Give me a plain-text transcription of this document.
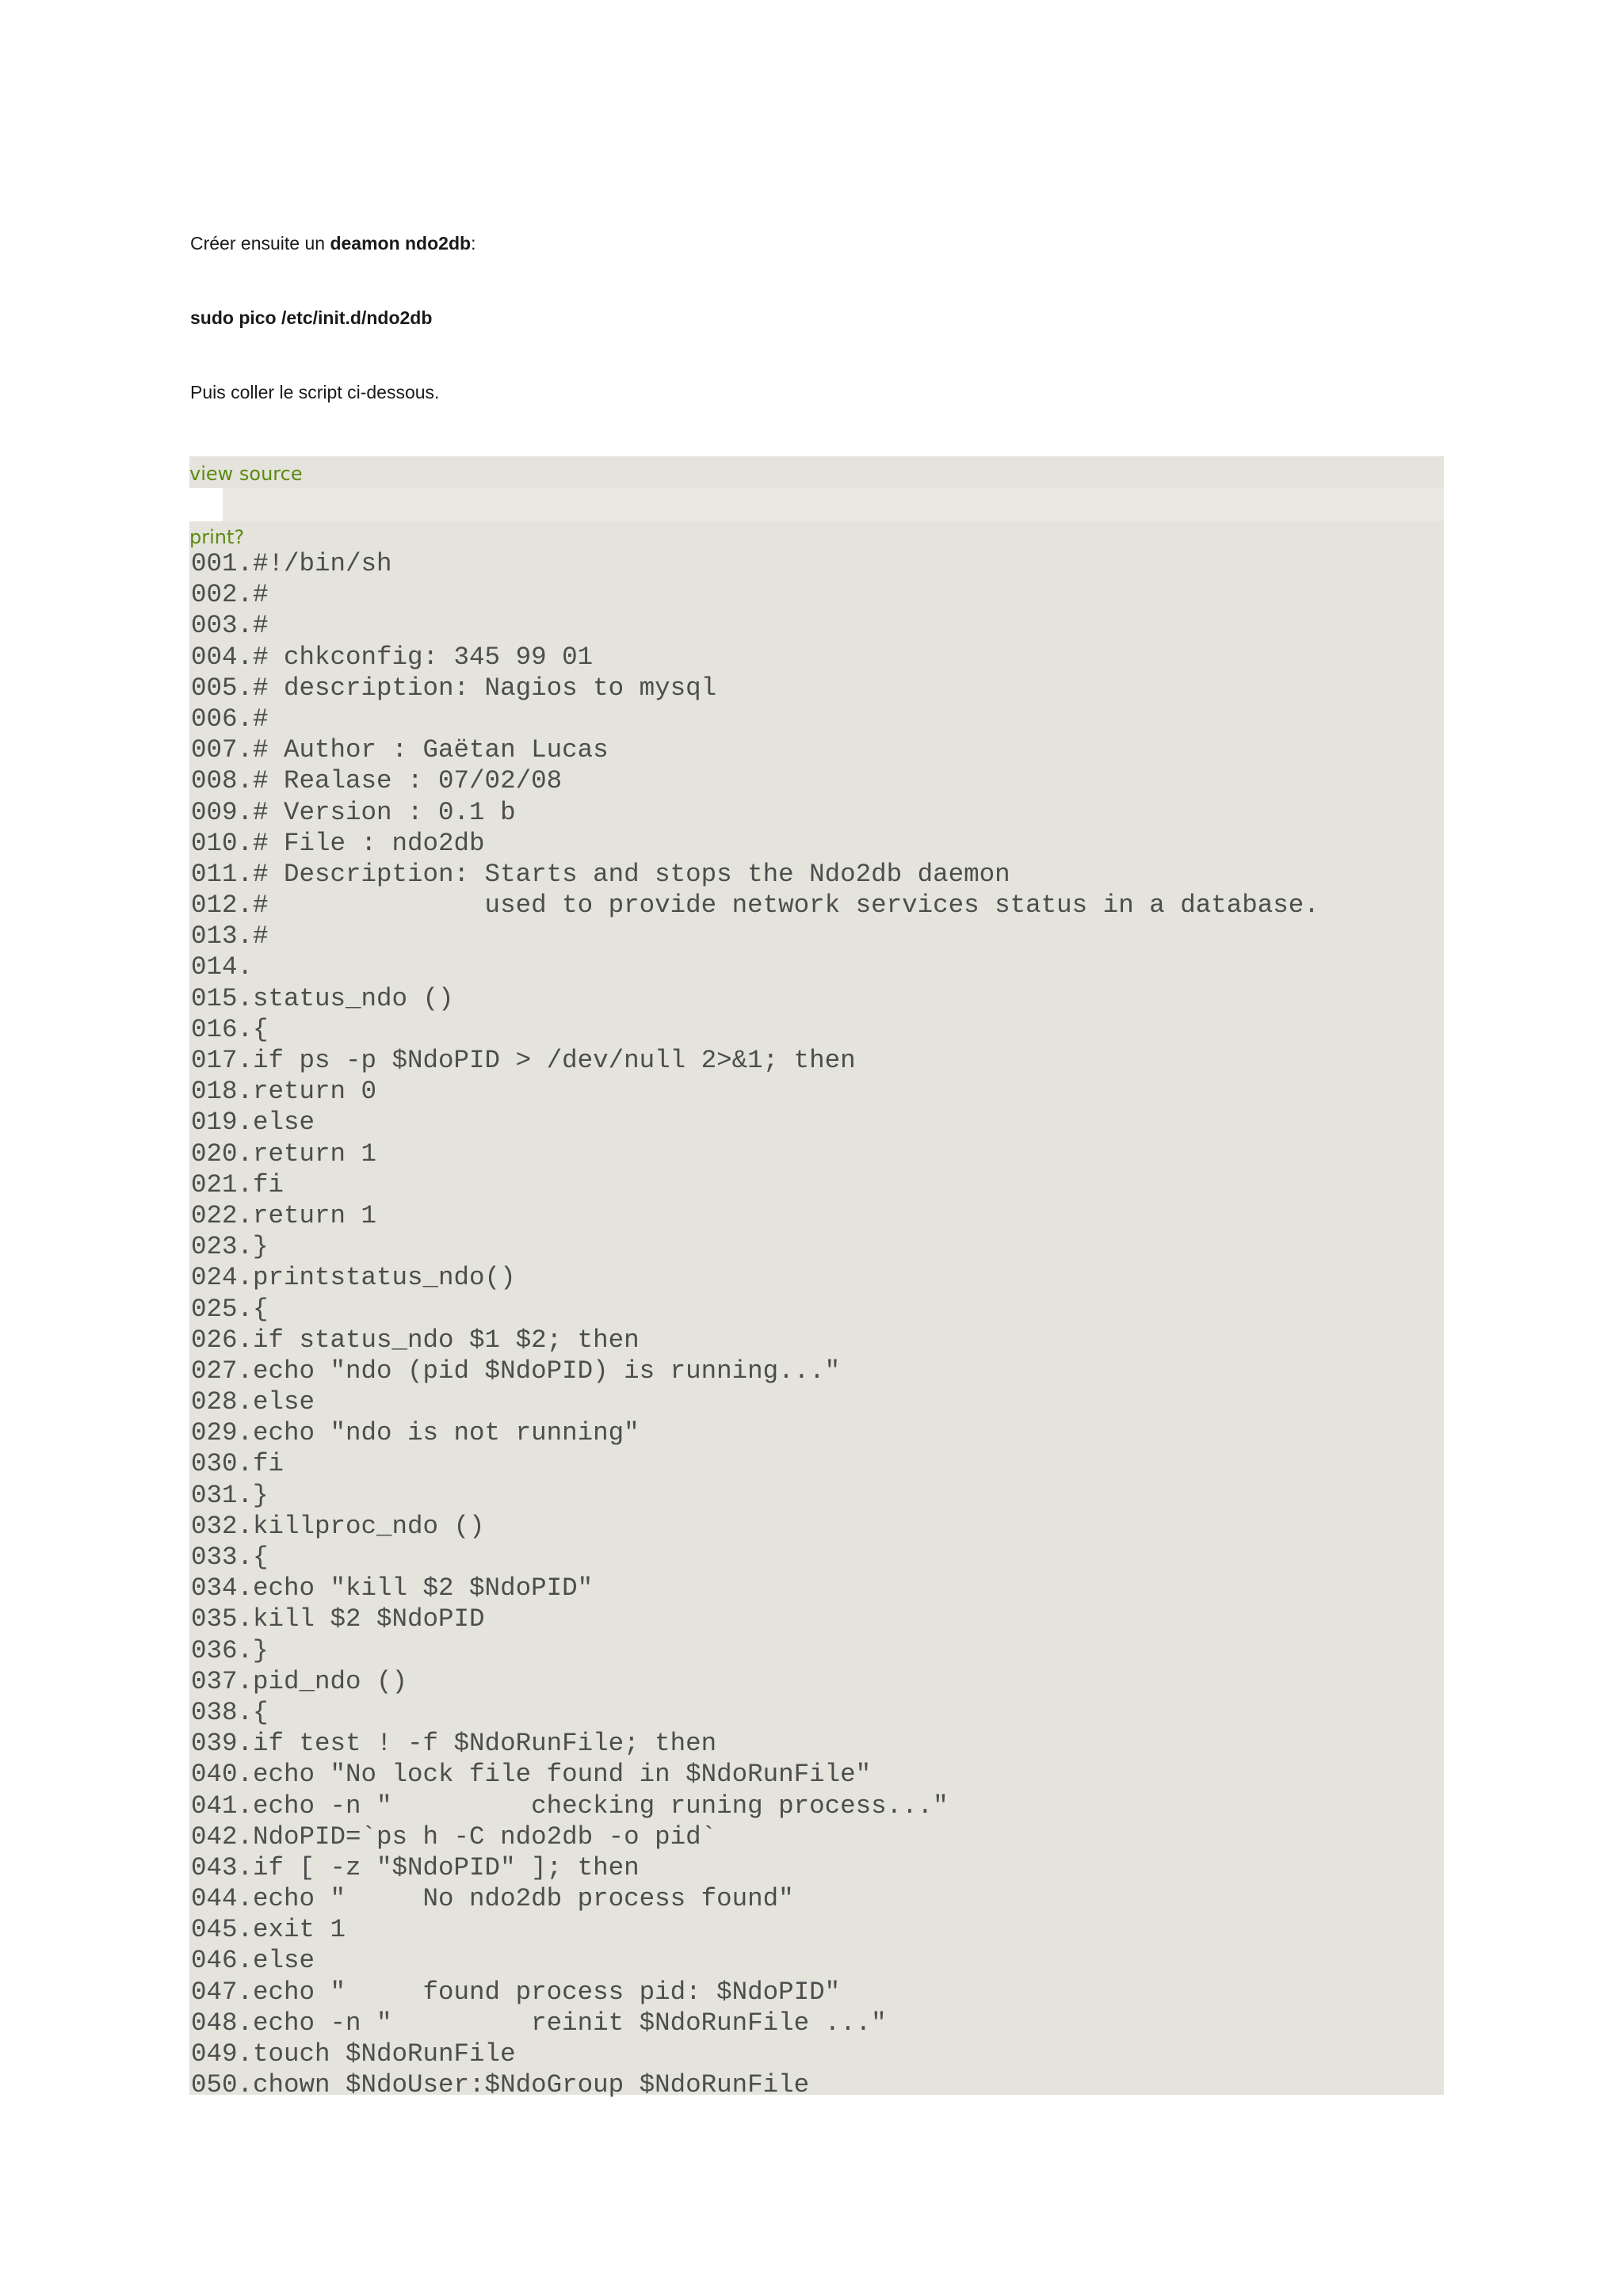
Créer ensuite un deamon ndo2db:

sudo pico /etc/init.d/ndo2db

Puis coller le script ci-dessous.

view source
print?
001.#!/bin/sh
002.#
003.#
004.# chkconfig: 345 99 01
005.# description: Nagios to mysql
006.#
007.# Author : Gaëtan Lucas
008.# Realase : 07/02/08
009.# Version : 0.1 b
010.# File : ndo2db
011.# Description: Starts and stops the Ndo2db daemon
012.#              used to provide network services status in a database.
013.#
014.
015.status_ndo ()
016.{
017.if ps -p $NdoPID > /dev/null 2>&1; then
018.return 0
019.else
020.return 1
021.fi
022.return 1
023.}
024.printstatus_ndo()
025.{
026.if status_ndo $1 $2; then
027.echo "ndo (pid $NdoPID) is running..."
028.else
029.echo "ndo is not running"
030.fi
031.}
032.killproc_ndo ()
033.{
034.echo "kill $2 $NdoPID"
035.kill $2 $NdoPID
036.}
037.pid_ndo ()
038.{
039.if test ! -f $NdoRunFile; then
040.echo "No lock file found in $NdoRunFile"
041.echo -n "         checking runing process..."
042.NdoPID=`ps h -C ndo2db -o pid`
043.if [ -z "$NdoPID" ]; then
044.echo "     No ndo2db process found"
045.exit 1
046.else
047.echo "     found process pid: $NdoPID"
048.echo -n "         reinit $NdoRunFile ..."
049.touch $NdoRunFile
050.chown $NdoUser:$NdoGroup $NdoRunFile
